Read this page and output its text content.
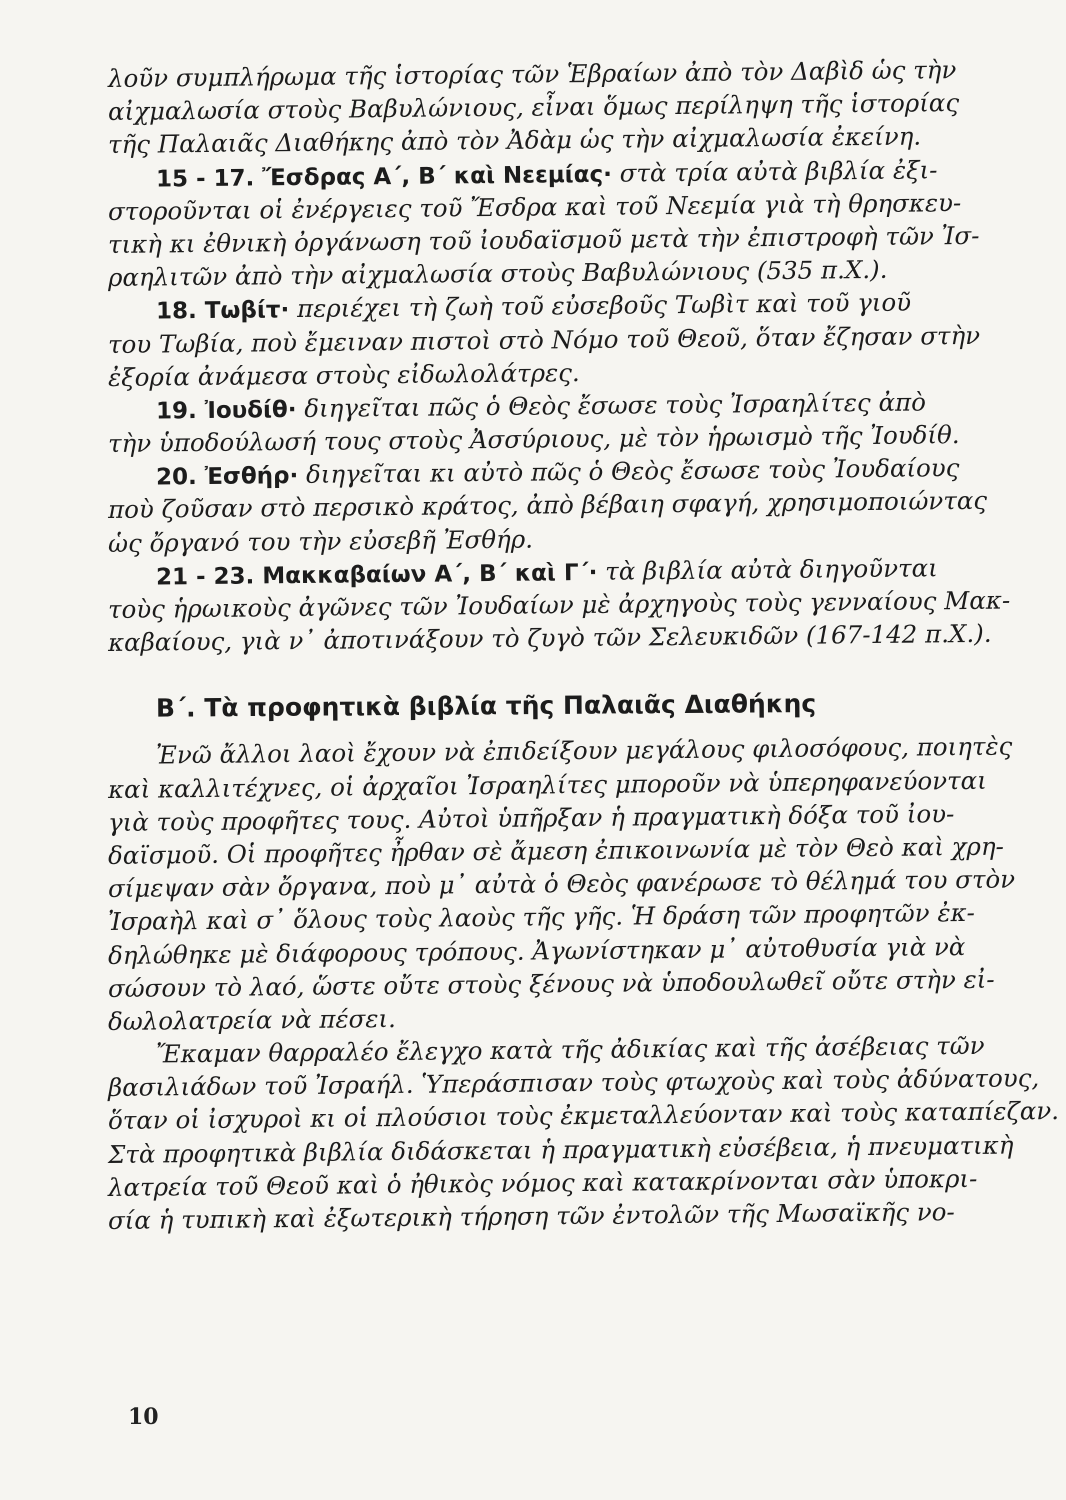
λοῦν συμπλήρωμα τῆς ἱστορίας τῶν Ἑβραίων ἀπὸ τὸν Δαβὶδ ὡς τὴν
αἰχμαλωσία στοὺς Βαβυλώνιους, εἶναι ὅμως περίληψη τῆς ἱστορίας
τῆς Παλαιᾶς Διαθήκης ἀπὸ τὸν Ἀδὰμ ὡς τὴν αἰχμαλωσία ἐκείνη.
15 - 17. Ἔσδρας Α΄, Β΄ καὶ Νεεμίας· στὰ τρία αὐτὰ βιβλία ἐξι-
στοροῦνται οἱ ἐνέργειες τοῦ Ἔσδρα καὶ τοῦ Νεεμία γιὰ τὴ θρησκευ-
τικὴ κι ἐθνικὴ ὀργάνωση τοῦ ἰουδαϊσμοῦ μετὰ τὴν ἐπιστροφὴ τῶν Ἰσ-
ραηλιτῶν ἀπὸ τὴν αἰχμαλωσία στοὺς Βαβυλώνιους (535 π.Χ.).
18. Τωβίτ· περιέχει τὴ ζωὴ τοῦ εὐσεβοῦς Τωβὶτ καὶ τοῦ γιοῦ
του Τωβία, ποὺ ἔμειναν πιστοὶ στὸ Νόμο τοῦ Θεοῦ, ὅταν ἔζησαν στὴν
ἐξορία ἀνάμεσα στοὺς εἰδωλολάτρες.
19. Ἰουδίθ· διηγεῖται πῶς ὁ Θεὸς ἔσωσε τοὺς Ἰσραηλίτες ἀπὸ
τὴν ὑποδούλωσή τους στοὺς Ἀσσύριους, μὲ τὸν ἡρωισμὸ τῆς Ἰουδίθ.
20. Ἐσθήρ· διηγεῖται κι αὐτὸ πῶς ὁ Θεὸς ἔσωσε τοὺς Ἰουδαίους
ποὺ ζοῦσαν στὸ περσικὸ κράτος, ἀπὸ βέβαιη σφαγή, χρησιμοποιώντας
ὡς ὄργανό του τὴν εὐσεβῆ Ἐσθήρ.
21 - 23. Μακκαβαίων Α΄, Β΄ καὶ Γ΄· τὰ βιβλία αὐτὰ διηγοῦνται
τοὺς ἡρωικοὺς ἀγῶνες τῶν Ἰουδαίων μὲ ἀρχηγοὺς τοὺς γενναίους Μακ-
καβαίους, γιὰ ν᾿ ἀποτινάξουν τὸ ζυγὸ τῶν Σελευκιδῶν (167-142 π.Χ.).
Β΄. Τὰ προφητικὰ βιβλία τῆς Παλαιᾶς Διαθήκης
Ἐνῶ ἄλλοι λαοὶ ἔχουν νὰ ἐπιδείξουν μεγάλους φιλοσόφους, ποιητὲς
καὶ καλλιτέχνες, οἱ ἀρχαῖοι Ἰσραηλίτες μποροῦν νὰ ὑπερηφανεύονται
γιὰ τοὺς προφῆτες τους. Αὐτοὶ ὑπῆρξαν ἡ πραγματικὴ δόξα τοῦ ἰου-
δαϊσμοῦ. Οἱ προφῆτες ἦρθαν σὲ ἄμεση ἐπικοινωνία μὲ τὸν Θεὸ καὶ χρη-
σίμεψαν σὰν ὄργανα, ποὺ μ᾿ αὐτὰ ὁ Θεὸς φανέρωσε τὸ θέλημά του στὸν
Ἰσραὴλ καὶ σ᾿ ὅλους τοὺς λαοὺς τῆς γῆς. Ἡ δράση τῶν προφητῶν ἐκ-
δηλώθηκε μὲ διάφορους τρόπους. Ἀγωνίστηκαν μ᾿ αὐτοθυσία γιὰ νὰ
σώσουν τὸ λαό, ὥστε οὔτε στοὺς ξένους νὰ ὑποδουλωθεῖ οὔτε στὴν εἰ-
δωλολατρεία νὰ πέσει.
Ἔκαμαν θαρραλέο ἔλεγχο κατὰ τῆς ἀδικίας καὶ τῆς ἀσέβειας τῶν
βασιλιάδων τοῦ Ἰσραήλ. Ὑπεράσπισαν τοὺς φτωχοὺς καὶ τοὺς ἀδύνατους,
ὅταν οἱ ἰσχυροὶ κι οἱ πλούσιοι τοὺς ἐκμεταλλεύονταν καὶ τοὺς καταπίεζαν.
Στὰ προφητικὰ βιβλία διδάσκεται ἡ πραγματικὴ εὐσέβεια, ἡ πνευματικὴ
λατρεία τοῦ Θεοῦ καὶ ὁ ἠθικὸς νόμος καὶ κατακρίνονται σὰν ὑποκρι-
σία ἡ τυπικὴ καὶ ἐξωτερικὴ τήρηση τῶν ἐντολῶν τῆς Μωσαϊκῆς νο-
10
